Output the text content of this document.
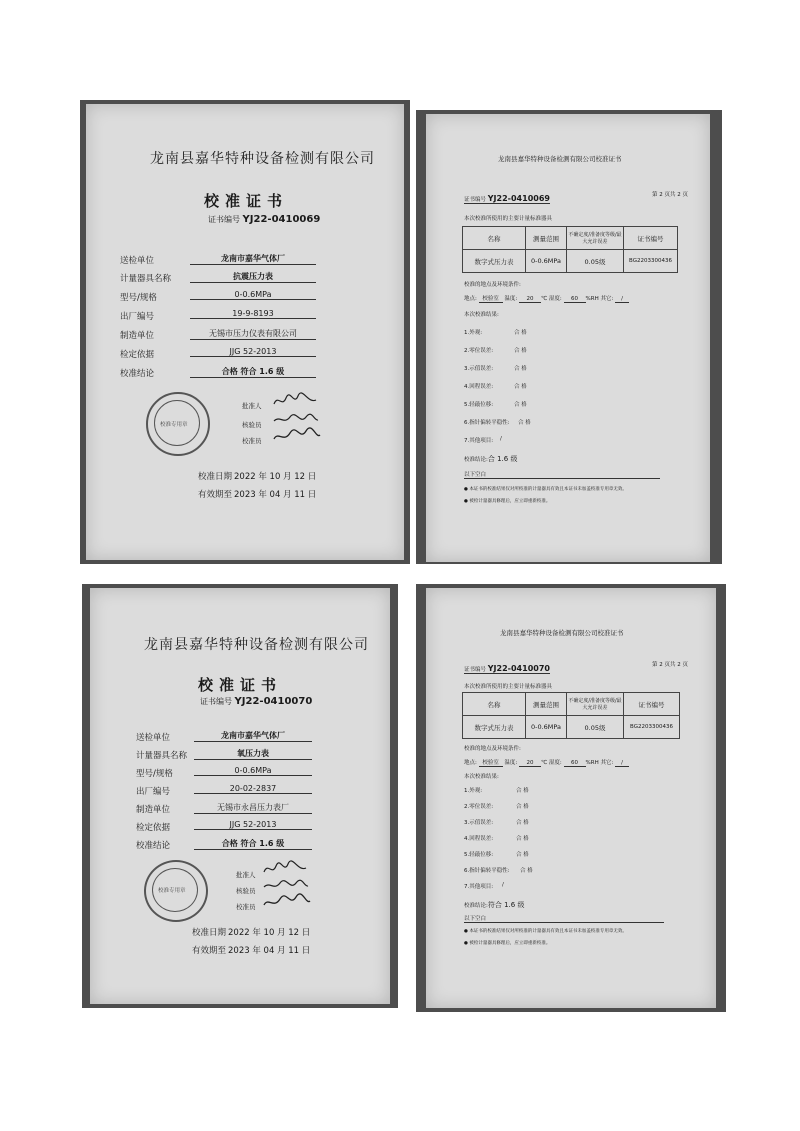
龙南县嘉华特种设备检测有限公司
校准证书
证书编号 YJ22-0410069
送检单位	龙南市嘉华气体厂
计量器具名称	抗震压力表
型号/规格	0-0.6MPa
出厂编号	19-9-8193
制造单位	无锡市压力仪表有限公司
检定依据	JJG 52-2013
校准结论	合格 符合 1.6 级
校准专用章
批准人
核验员
校准员
校准日期 2022 年 10 月 12 日
有效期至 2023 年 04 月 11 日
龙南县嘉华特种设备检测有限公司校准证书
证书编号 YJ22-0410069	第 2 页共 2 页
本次校准所使用的主要计量标准器具
名称	测量范围	不确定度/准备度等级/最大允许误差	证书编号
数字式压力表	0-0.6MPa	0.05级	BG2203300436
校准的地点及环境条件:
地点: 校验室 温度: 20 ℃ 湿度: 60 %RH 其它: /
本次校准结果:
1.外观:	合 格
2.零位误差:	合 格
3.示值误差:	合 格
4.回程误差:	合 格
5.轻敲位移:	合 格
6.指针偏转平稳性: 合 格
7.其他项目: /
校准结论:合 1.6 级
以下空白
● 本证书的校准结果仅对所校准的计量器具有效且本证书未加盖校准专用章无效。
● 被检计量器具修理后，应立即重新校准。
龙南县嘉华特种设备检测有限公司
校准证书
证书编号 YJ22-0410070
送检单位	龙南市嘉华气体厂
计量器具名称	氧压力表
型号/规格	0-0.6MPa
出厂编号	20-02-2837
制造单位	无锡市永昌压力表厂
检定依据	JJG 52-2013
校准结论	合格 符合 1.6 级
校准专用章
批准人
核验员
校准员
校准日期 2022 年 10 月 12 日
有效期至 2023 年 04 月 11 日
龙南县嘉华特种设备检测有限公司校准证书
证书编号 YJ22-0410070	第 2 页共 2 页
本次校准所使用的主要计量标准器具
名称	测量范围	不确定度/准备度等级/最大允许误差	证书编号
数字式压力表	0-0.6MPa	0.05级	BG2203300436
校准的地点及环境条件:
地点: 校验室 温度: 20 ℃ 湿度: 60 %RH 其它: /
本次校准结果:
1.外观:	合 格
2.零位误差:	合 格
3.示值误差:	合 格
4.回程误差:	合 格
5.轻敲位移:	合 格
6.指针偏转平稳性: 合 格
7.其他项目: /
校准结论:符合 1.6 级
以下空白
● 本证书的校准结果仅对所校准的计量器具有效且本证书未加盖校准专用章无效。
● 被检计量器具修理后，应立即重新校准。
